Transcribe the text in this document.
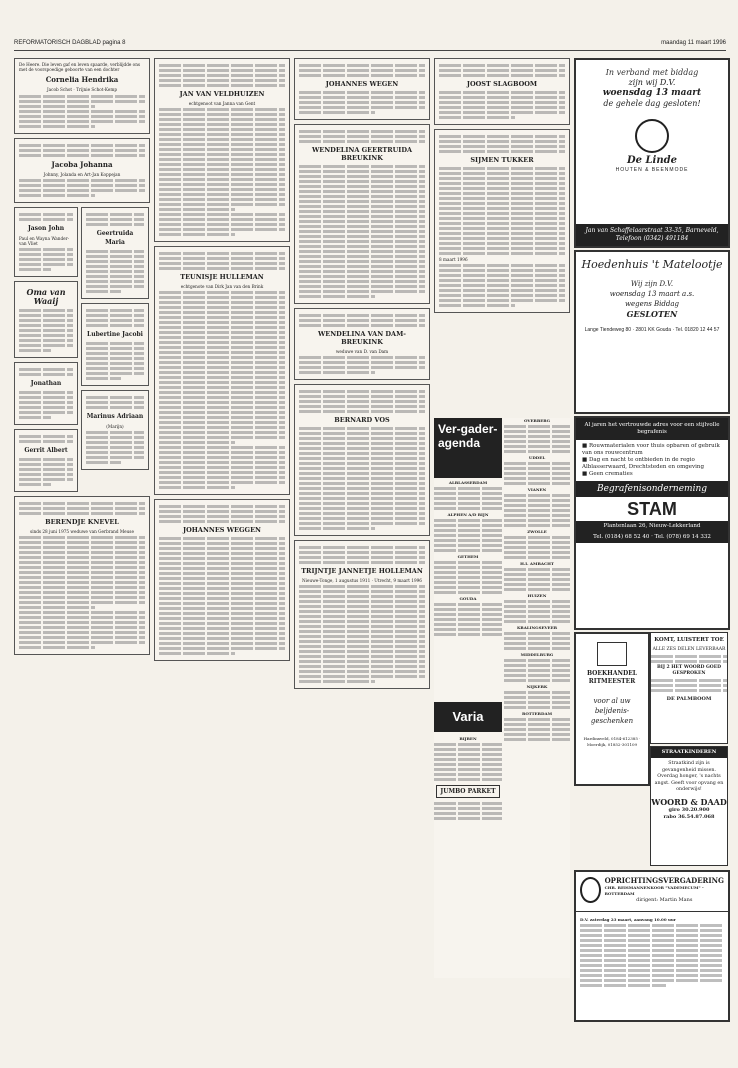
REFORMATORISCH DAGBLAD pagina 8	maandag 11 maart 1996
De Heere. Die leven gaf en leven spaarde, verblijdde ons met de voorspoedige geboorte van een dochter
Cornelia Hendrika
Jacob Schot · Trijnie Schot-Kemp
Jacoba Johanna
Johnny, Jolanda en Art-Jan Koppejan
Jason John
Paul en Wayna Wander-van Vliet
Oma van Waaij
Jonathan
Gerrit Albert
Geertruida Maria
Lubertine Jacobi
Marinus Adriaan
(Marijn)
BERENDJE KNEVEL
sinds 28 juni 1975 weduwe van Gerbrand Meuse
JAN VAN VELDHUIZEN
echtgenoot van Janna van Gent
TEUNISJE HULLEMAN
echtgenote van Dirk Jan van den Brink
JOHANNES WEGGEN
JOHANNES WEGEN
WENDELINA GEERTRUIDA BREUKINK
WENDELINA VAN DAM-BREUKINK
weduwe van D. van Dam
BERNARD VOS
TRIJNTJE JANNETJE HOLLEMAN
Nieuwe-Tonge, 1 augustus 1911 · Utrecht, 9 maart 1996
JOOST SLAGBOOM
SIJMEN TUKKER
8 maart 1996
Ver-gader-agenda
ALBLASSERDAM
ALPHEN A/D RIJN
GETHEM
GOUDA
Varia
BIJBEN
JUMBO PARKET
OVERBERG
UDDEL
VIANEN
ZWOLLE
H.I. AMBACHT
HUIZEN
KRALINGSEVEER
MIDDELBURG
NIJKERK
ROTTERDAM
In verband met biddag
zijn wij D.V.
woensdag 13 maart
de gehele dag gesloten!
De Linde
HOUTEN & BEENMODE
Jan van Schaffelaarstraat 33-35, Barneveld, Telefoon (0342) 491184
Hoedenhuis 't Matelootje
Wij zijn D.V.
woensdag 13 maart a.s.
wegens Biddag
GESLOTEN
Lange Tiendeweg 80 · 2801 KK Gouda · Tel. 01820 12 44 57
Al jaren het vertrouwde adres voor een stijlvolle begrafenis
■ Rouwmaterialen voor thuis opbaren of gebruik van ons rouwcentrum
■ Dag en nacht te ontbieden in de regio Alblasserwaard, Drechtsteden en omgeving
■ Geen crematies
Begrafenisonderneming
STAM
Plantenlaan 26, Nieuw-Lekkerland
Tel. (0184) 68 52 40 · Tel. (078) 69 14 332
BOEKHANDEL RITMEESTER
voor al uw beljdenis-geschenken
Hardinxveld, 0184-612385 · Moerdijk, 01852-301109
KOMT, LUISTERT TOE
ALLE ZES DELEN LEVERBAAR
BIJ 2 HET WOORD GOED GESPROKEN
DE PALMBOOM
STRAATKINDEREN
Straatkind zijn is gevangenheid missen. Overdag honger, 's nachts angst. Geeft voor opvang en onderwijs!
WOORD & DAAD
giro 30.20.900
rabo 36.54.87.068
OPRICHTINGSVERGADERING
CHR. REISMANNENKOOR "VADEMECUM" - ROTTERDAM
dirigent: Martin Mans
D.V. zaterdag 23 maart, aanvang 10.00 uur
